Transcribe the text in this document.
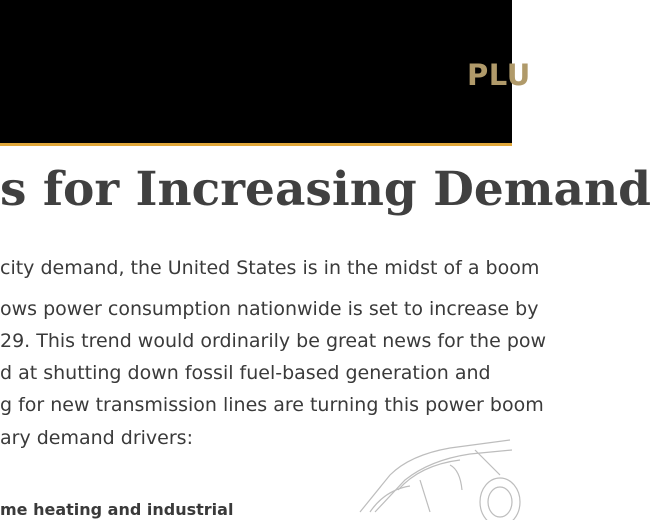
PLU
s for Increasing Demand
city demand, the United States is in the midst of a boom
ows power consumption nationwide is set to increase by
29. This trend would ordinarily be great news for the pow
d at shutting down fossil fuel-based generation and
g for new transmission lines are turning this power boom
ary demand drivers:
me heating and industrial
